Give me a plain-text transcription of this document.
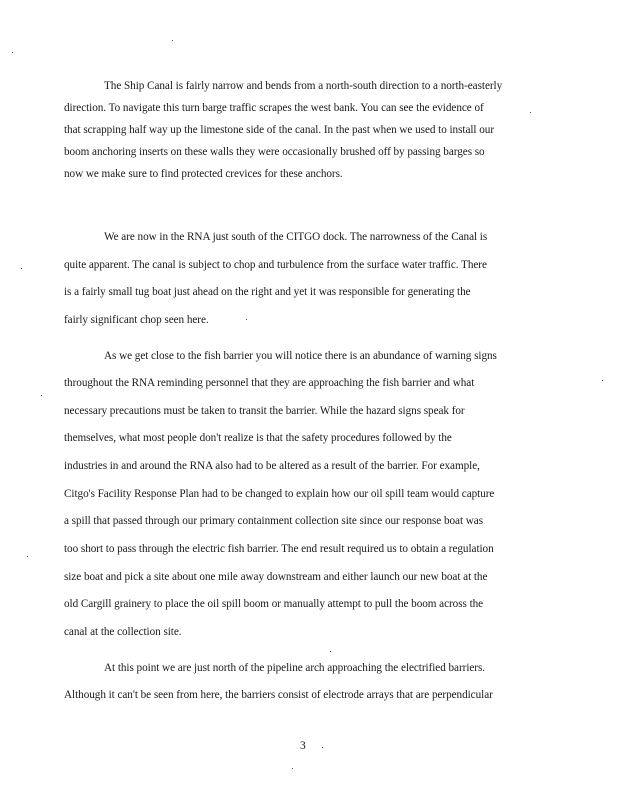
The Ship Canal is fairly narrow and bends from a north-south direction to a north-easterly
direction. To navigate this turn barge traffic scrapes the west bank. You can see the evidence of
that scrapping half way up the limestone side of the canal. In the past when we used to install our
boom anchoring inserts on these walls they were occasionally brushed off by passing barges so
now we make sure to find protected crevices for these anchors.
We are now in the RNA just south of the CITGO dock. The narrowness of the Canal is
quite apparent. The canal is subject to chop and turbulence from the surface water traffic. There
is a fairly small tug boat just ahead on the right and yet it was responsible for generating the
fairly significant chop seen here.
As we get close to the fish barrier you will notice there is an abundance of warning signs
throughout the RNA reminding personnel that they are approaching the fish barrier and what
necessary precautions must be taken to transit the barrier. While the hazard signs speak for
themselves, what most people don't realize is that the safety procedures followed by the
industries in and around the RNA also had to be altered as a result of the barrier. For example,
Citgo's Facility Response Plan had to be changed to explain how our oil spill team would capture
a spill that passed through our primary containment collection site since our response boat was
too short to pass through the electric fish barrier. The end result required us to obtain a regulation
size boat and pick a site about one mile away downstream and either launch our new boat at the
old Cargill grainery to place the oil spill boom or manually attempt to pull the boom across the
canal at the collection site.
At this point we are just north of the pipeline arch approaching the electrified barriers.
Although it can't be seen from here, the barriers consist of electrode arrays that are perpendicular
3
